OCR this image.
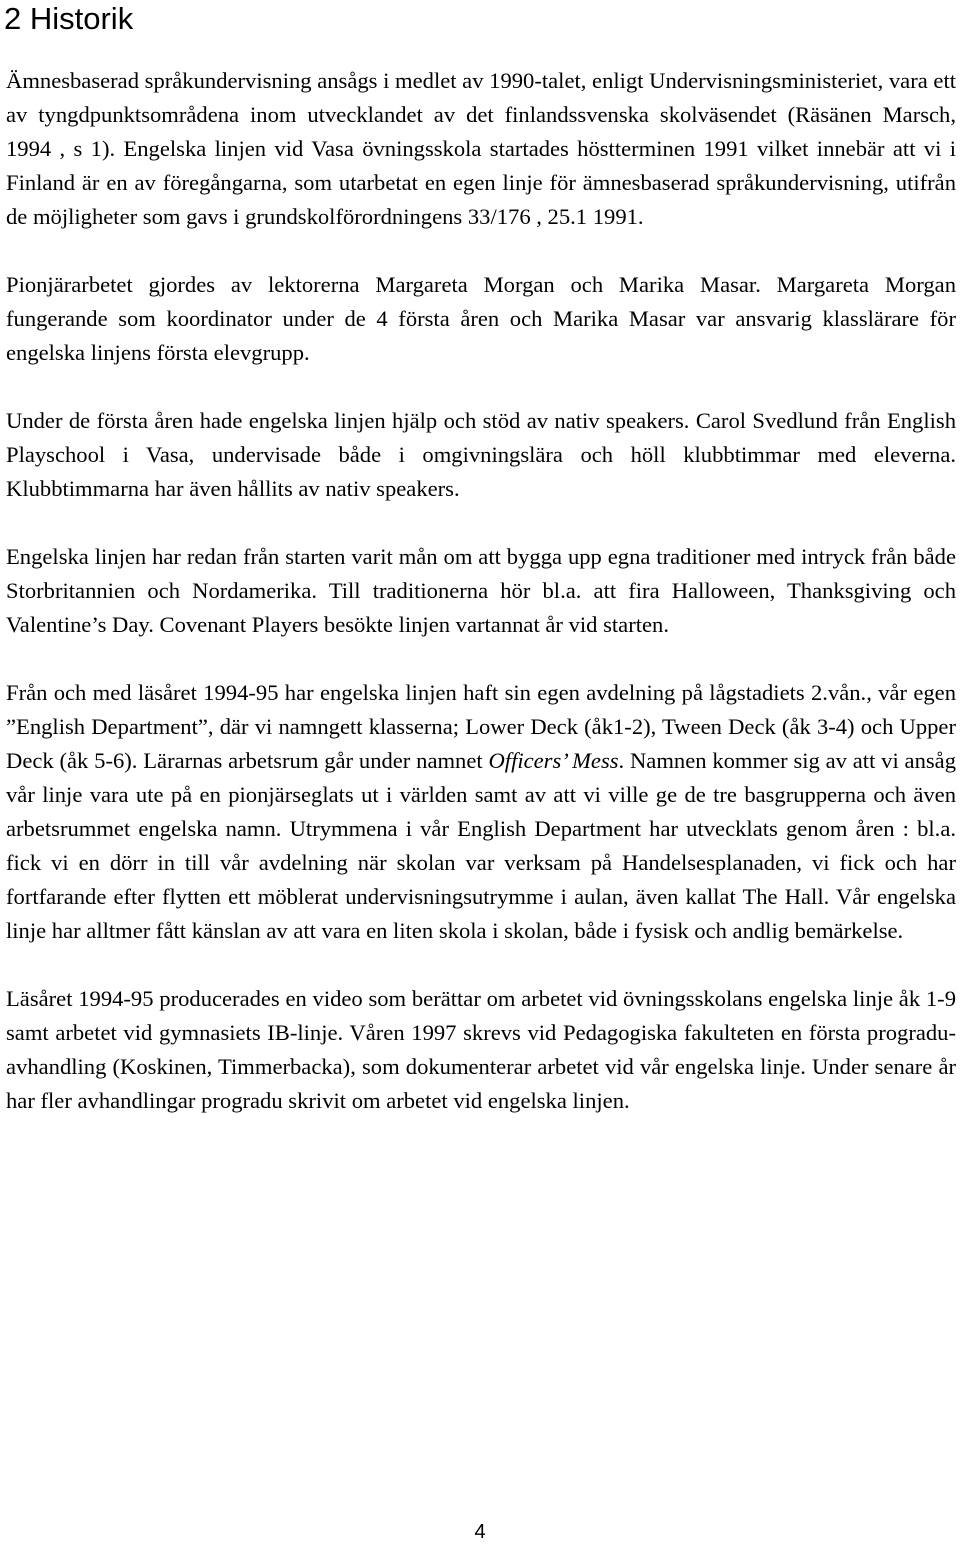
2 Historik

Ämnesbaserad språkundervisning ansågs i medlet av 1990-talet, enligt Undervisningsministeriet, vara ett av tyngdpunktsområdena inom utvecklandet av det finlandssvenska skolväsendet (Räsänen Marsch, 1994 , s 1). Engelska linjen vid Vasa övningsskola startades höstterminen 1991 vilket innebär att vi i Finland är en av föregångarna, som utarbetat en egen linje för ämnesbaserad språkundervisning, utifrån de möjligheter som gavs i grundskolförordningens 33/176 , 25.1 1991.

Pionjärarbetet gjordes av lektorerna Margareta Morgan och Marika Masar. Margareta Morgan fungerande som koordinator under de 4 första åren och Marika Masar var ansvarig klasslärare för engelska linjens första elevgrupp.

Under de första åren hade engelska linjen hjälp och stöd av nativ speakers. Carol Svedlund från English Playschool i Vasa, undervisade både i omgivningslära och höll klubbtimmar med eleverna. Klubbtimmarna har även hållits av nativ speakers.

Engelska linjen har redan från starten varit mån om att bygga upp egna traditioner med intryck från både Storbritannien och Nordamerika. Till traditionerna hör bl.a. att fira Halloween, Thanksgiving och Valentine’s Day. Covenant Players besökte linjen vartannat år vid starten.

Från och med läsåret 1994-95 har engelska linjen haft sin egen avdelning på lågstadiets 2.vån., vår egen ”English Department”, där vi namngett klasserna; Lower Deck (åk1-2), Tween Deck (åk 3-4) och Upper Deck (åk 5-6). Lärarnas arbetsrum går under namnet Officers’ Mess. Namnen kommer sig av att vi ansåg vår linje vara ute på en pionjärseglats ut i världen samt av att vi ville ge de tre basgrupperna och även arbetsrummet engelska namn. Utrymmena i vår English Department har utvecklats genom åren : bl.a. fick vi en dörr in till vår avdelning när skolan var verksam på Handelsesplanaden, vi fick och har fortfarande efter flytten ett möblerat undervisningsutrymme i aulan, även kallat The Hall. Vår engelska linje har alltmer fått känslan av att vara en liten skola i skolan, både i fysisk och andlig bemärkelse.

Läsåret 1994-95 producerades en video som berättar om arbetet vid övningsskolans engelska linje åk 1-9 samt arbetet vid gymnasiets IB-linje. Våren 1997 skrevs vid Pedagogiska fakulteten en första progradu-avhandling (Koskinen, Timmerbacka), som dokumenterar arbetet vid vår engelska linje. Under senare år har fler avhandlingar progradu skrivit om arbetet vid engelska linjen.

4
